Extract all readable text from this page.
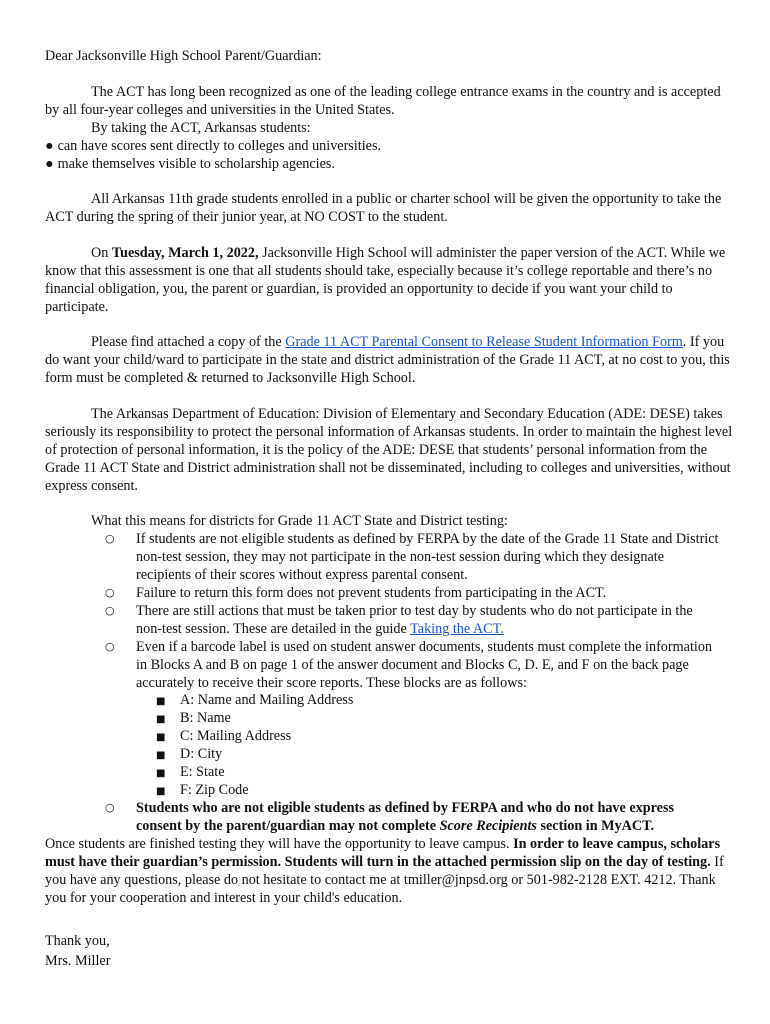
Dear Jacksonville High School Parent/Guardian:

The ACT has long been recognized as one of the leading college entrance exams in the country and is accepted by all four-year colleges and universities in the United States.

By taking the ACT, Arkansas students:

● can have scores sent directly to colleges and universities.

● make themselves visible to scholarship agencies.

All Arkansas 11th grade students enrolled in a public or charter school will be given the opportunity to take the ACT during the spring of their junior year, at NO COST to the student.

On Tuesday, March 1, 2022, Jacksonville High School will administer the paper version of the ACT. While we know that this assessment is one that all students should take, especially because it’s college reportable and there’s no financial obligation, you, the parent or guardian, is provided an opportunity to decide if you want your child to participate.

Please find attached a copy of the Grade 11 ACT Parental Consent to Release Student Information Form. If you do want your child/ward to participate in the state and district administration of the Grade 11 ACT, at no cost to you, this form must be completed & returned to Jacksonville High School.

The Arkansas Department of Education: Division of Elementary and Secondary Education (ADE: DESE) takes seriously its responsibility to protect the personal information of Arkansas students. In order to maintain the highest level of protection of personal information, it is the policy of the ADE: DESE that students’ personal information from the Grade 11 ACT State and District administration shall not be disseminated, including to colleges and universities, without express consent.

What this means for districts for Grade 11 ACT State and District testing:

○ If students are not eligible students as defined by FERPA by the date of the Grade 11 State and District non-test session, they may not participate in the non-test session during which they designate recipients of their scores without express parental consent.

○ Failure to return this form does not prevent students from participating in the ACT.

○ There are still actions that must be taken prior to test day by students who do not participate in the non-test session. These are detailed in the guide Taking the ACT.

○ Even if a barcode label is used on student answer documents, students must complete the information in Blocks A and B on page 1 of the answer document and Blocks C, D. E, and F on the back page accurately to receive their score reports. These blocks are as follows:

■ A: Name and Mailing Address

■ B: Name

■ C: Mailing Address

■ D: City

■ E: State

■ F: Zip Code

○ Students who are not eligible students as defined by FERPA and who do not have express consent by the parent/guardian may not complete Score Recipients section in MyACT.

Once students are finished testing they will have the opportunity to leave campus. In order to leave campus, scholars must have their guardian’s permission. Students will turn in the attached permission slip on the day of testing. If you have any questions, please do not hesitate to contact me at tmiller@jnpsd.org or 501-982-2128 EXT. 4212. Thank you for your cooperation and interest in your child's education.

Thank you,

Mrs. Miller
